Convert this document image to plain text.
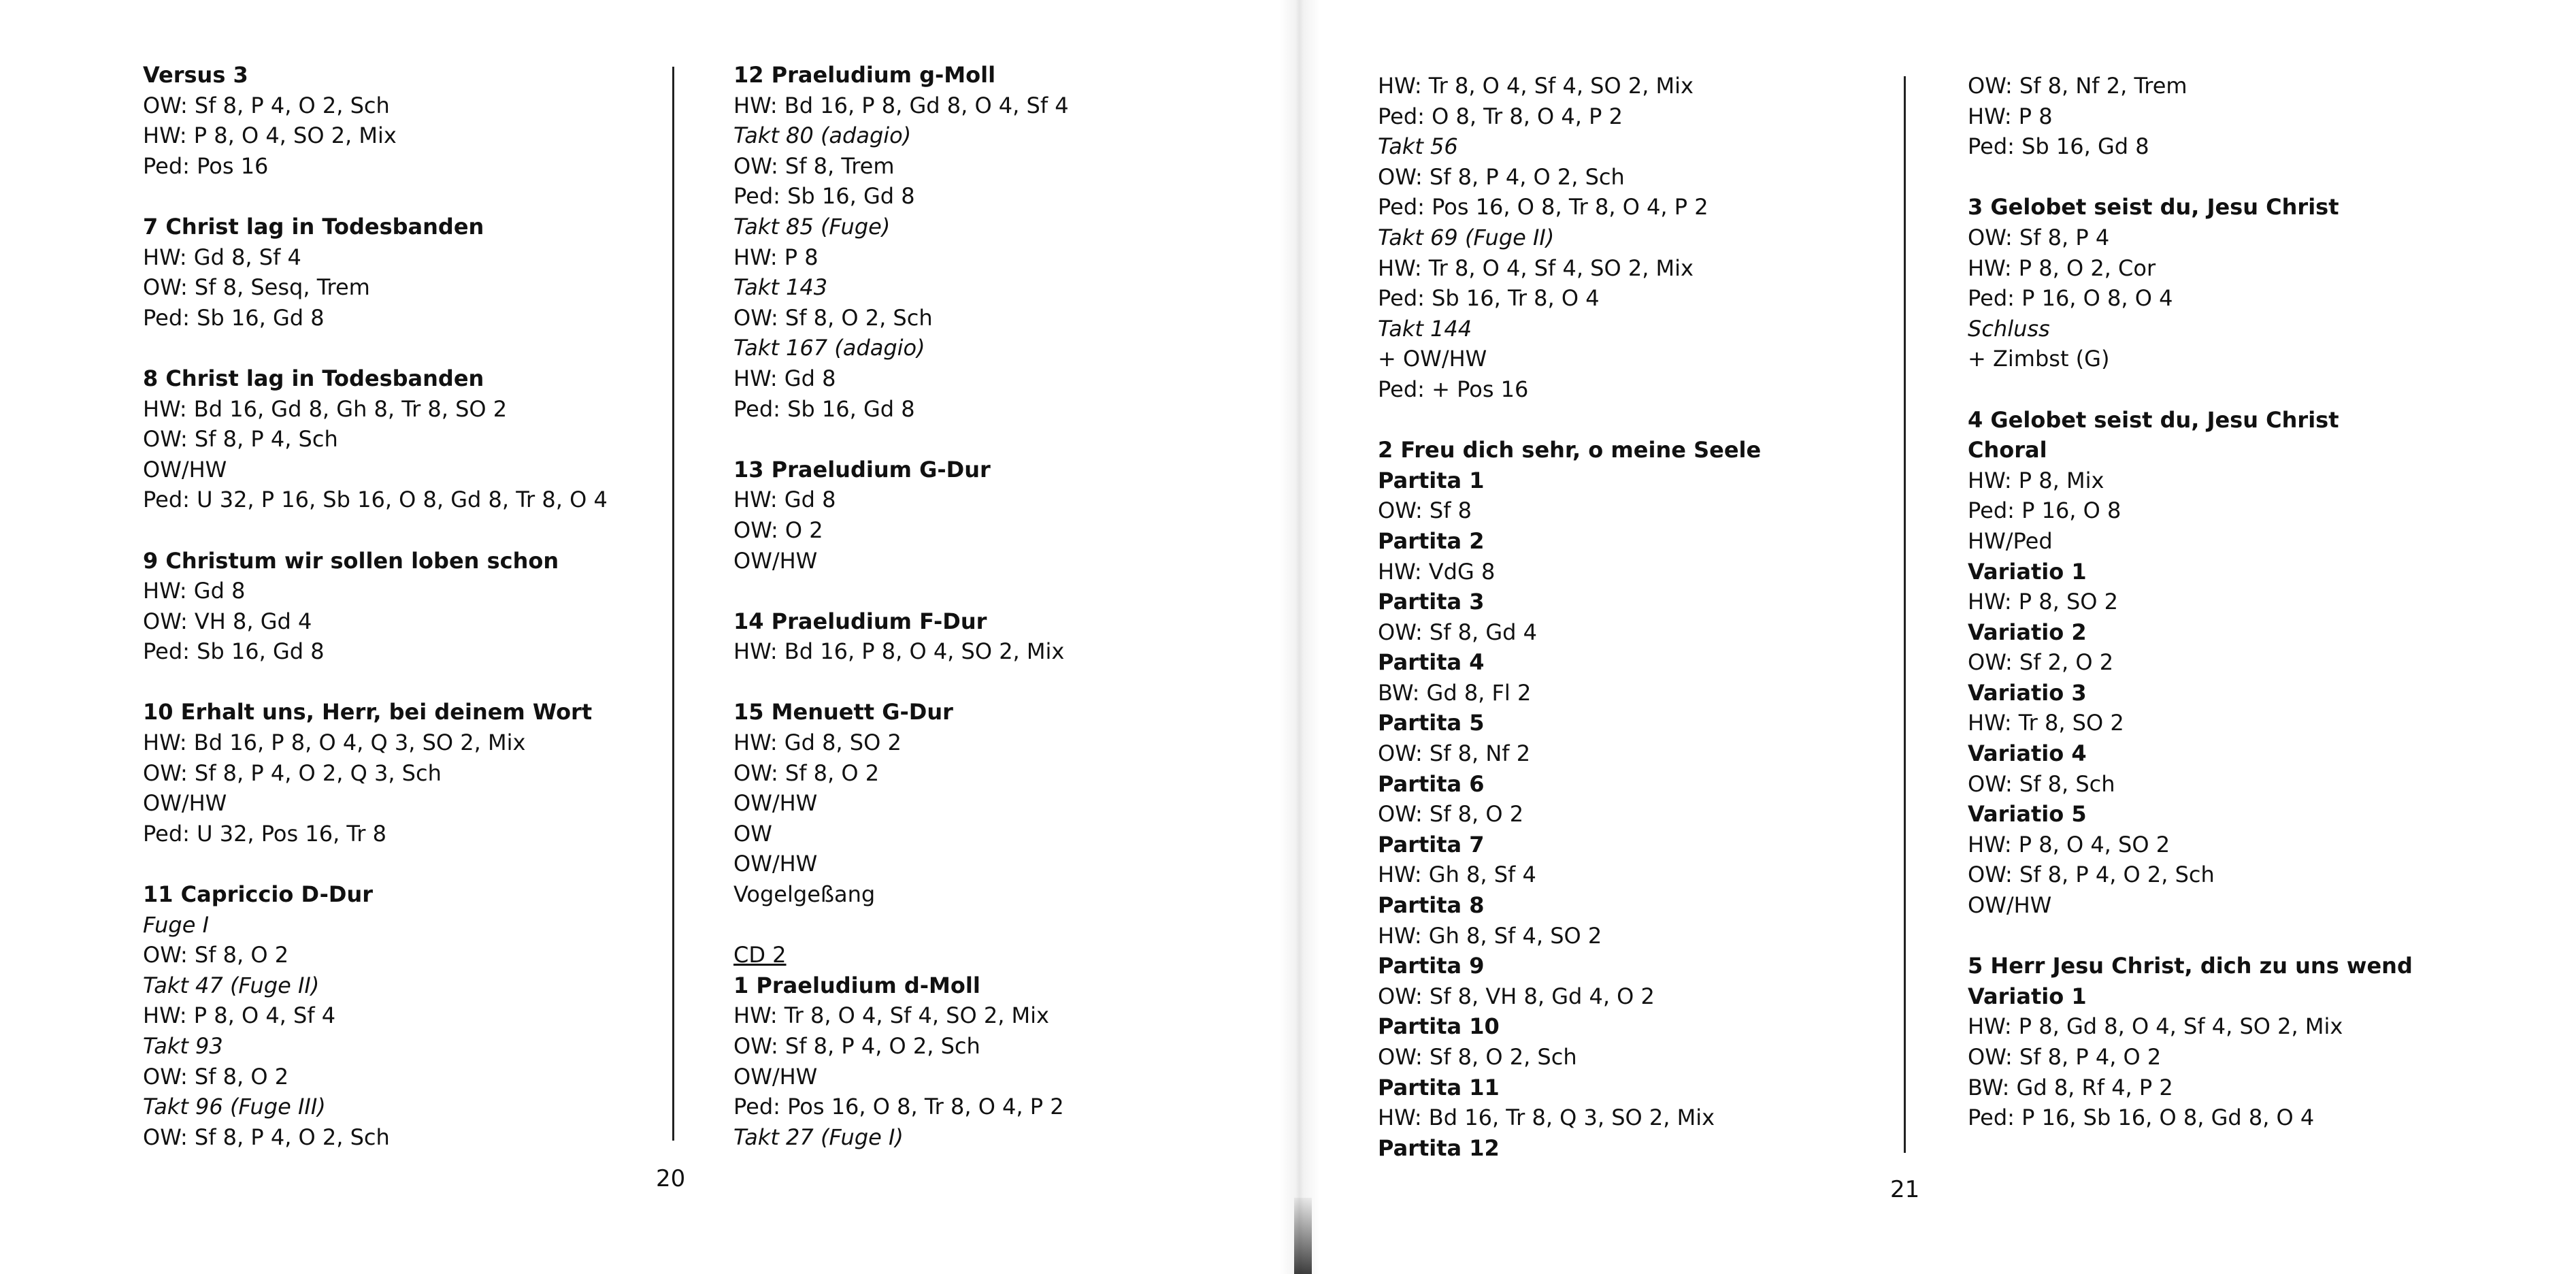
Versus 3
OW: Sf 8, P 4, O 2, Sch
HW: P 8, O 4, SO 2, Mix
Ped: Pos 16
7 Christ lag in Todesbanden
HW: Gd 8, Sf 4
OW: Sf 8, Sesq, Trem
Ped: Sb 16, Gd 8
8 Christ lag in Todesbanden
HW: Bd 16, Gd 8, Gh 8, Tr 8, SO 2
OW: Sf 8, P 4, Sch
OW/HW
Ped: U 32, P 16, Sb 16, O 8, Gd 8, Tr 8, O 4
9 Christum wir sollen loben schon
HW: Gd 8
OW: VH 8, Gd 4
Ped: Sb 16, Gd 8
10 Erhalt uns, Herr, bei deinem Wort
HW: Bd 16, P 8, O 4, Q 3, SO 2, Mix
OW: Sf 8, P 4, O 2, Q 3, Sch
OW/HW
Ped: U 32, Pos 16, Tr 8
11 Capriccio D-Dur
Fuge I
OW: Sf 8, O 2
Takt 47 (Fuge II)
HW: P 8, O 4, Sf 4
Takt 93
OW: Sf 8, O 2
Takt 96 (Fuge III)
OW: Sf 8, P 4, O 2, Sch
12 Praeludium g-Moll
HW: Bd 16, P 8, Gd 8, O 4, Sf 4
Takt 80 (adagio)
OW: Sf 8, Trem
Ped: Sb 16, Gd 8
Takt 85 (Fuge)
HW: P 8
Takt 143
OW: Sf 8, O 2, Sch
Takt 167 (adagio)
HW: Gd 8
Ped: Sb 16, Gd 8
13 Praeludium G-Dur
HW: Gd 8
OW: O 2
OW/HW
14 Praeludium F-Dur
HW: Bd 16, P 8, O 4, SO 2, Mix
15 Menuett G-Dur
HW: Gd 8, SO 2
OW: Sf 8, O 2
OW/HW
OW
OW/HW
Vogelgeßang
CD 2
1 Praeludium d-Moll
HW: Tr 8, O 4, Sf 4, SO 2, Mix
OW: Sf 8, P 4, O 2, Sch
OW/HW
Ped: Pos 16, O 8, Tr 8, O 4, P 2
Takt 27 (Fuge I)
HW: Tr 8, O 4, Sf 4, SO 2, Mix
Ped: O 8, Tr 8, O 4, P 2
Takt 56
OW: Sf 8, P 4, O 2, Sch
Ped: Pos 16, O 8, Tr 8, O 4, P 2
Takt 69 (Fuge II)
HW: Tr 8, O 4, Sf 4, SO 2, Mix
Ped: Sb 16, Tr 8, O 4
Takt 144
+ OW/HW
Ped: + Pos 16
2 Freu dich sehr, o meine Seele
Partita 1
OW: Sf 8
Partita 2
HW: VdG 8
Partita 3
OW: Sf 8, Gd 4
Partita 4
BW: Gd 8, Fl 2
Partita 5
OW: Sf 8, Nf 2
Partita 6
OW: Sf 8, O 2
Partita 7
HW: Gh 8, Sf 4
Partita 8
HW: Gh 8, Sf 4, SO 2
Partita 9
OW: Sf 8, VH 8, Gd 4, O 2
Partita 10
OW: Sf 8, O 2, Sch
Partita 11
HW: Bd 16, Tr 8, Q 3, SO 2, Mix
Partita 12
OW: Sf 8, Nf 2, Trem
HW: P 8
Ped: Sb 16, Gd 8
3 Gelobet seist du, Jesu Christ
OW: Sf 8, P 4
HW: P 8, O 2, Cor
Ped: P 16, O 8, O 4
Schluss
+ Zimbst (G)
4 Gelobet seist du, Jesu Christ
Choral
HW: P 8, Mix
Ped: P 16, O 8
HW/Ped
Variatio 1
HW: P 8, SO 2
Variatio 2
OW: Sf 2, O 2
Variatio 3
HW: Tr 8, SO 2
Variatio 4
OW: Sf 8, Sch
Variatio 5
HW: P 8, O 4, SO 2
OW: Sf 8, P 4, O 2, Sch
OW/HW
5 Herr Jesu Christ, dich zu uns wend
Variatio 1
HW: P 8, Gd 8, O 4, Sf 4, SO 2, Mix
OW: Sf 8, P 4, O 2
BW: Gd 8, Rf 4, P 2
Ped: P 16, Sb 16, O 8, Gd 8, O 4
20	21
